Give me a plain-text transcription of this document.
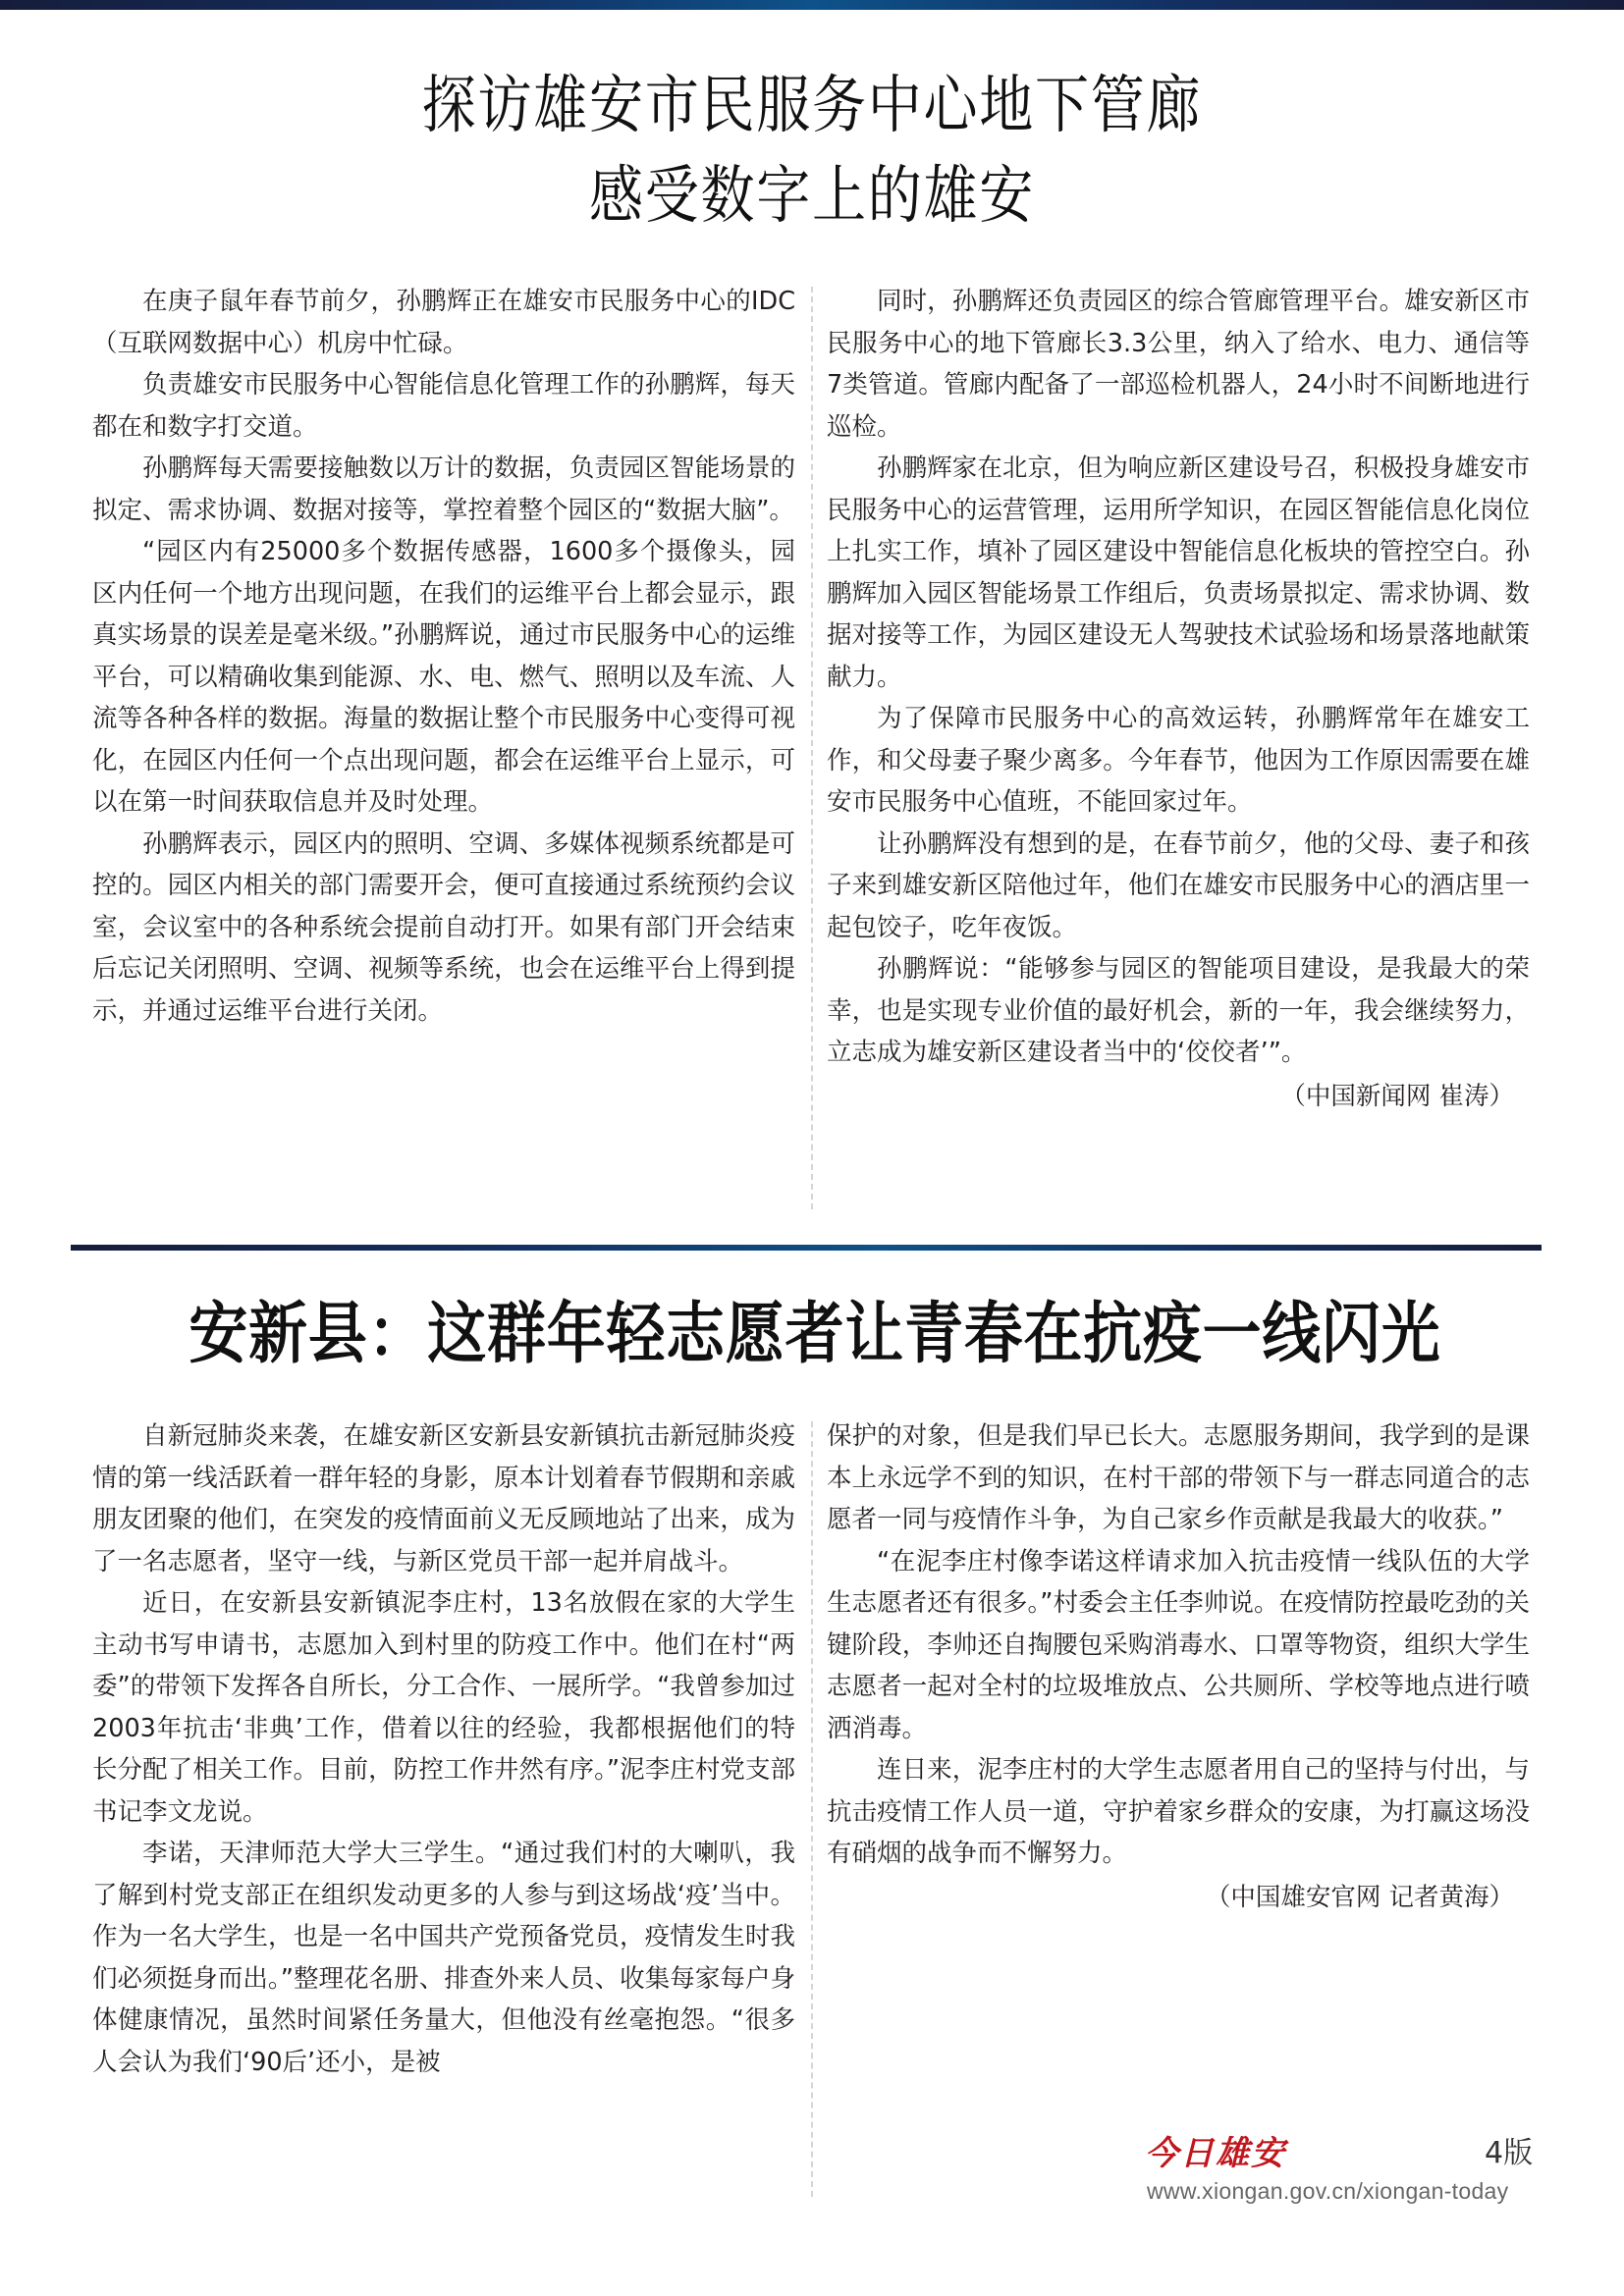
探访雄安市民服务中心地下管廊
感受数字上的雄安

在庚子鼠年春节前夕，孙鹏辉正在雄安市民服务中心的IDC（互联网数据中心）机房中忙碌。

负责雄安市民服务中心智能信息化管理工作的孙鹏辉，每天都在和数字打交道。

孙鹏辉每天需要接触数以万计的数据，负责园区智能场景的拟定、需求协调、数据对接等，掌控着整个园区的“数据大脑”。

“园区内有25000多个数据传感器，1600多个摄像头，园区内任何一个地方出现问题，在我们的运维平台上都会显示，跟真实场景的误差是毫米级。”孙鹏辉说，通过市民服务中心的运维平台，可以精确收集到能源、水、电、燃气、照明以及车流、人流等各种各样的数据。海量的数据让整个市民服务中心变得可视化，在园区内任何一个点出现问题，都会在运维平台上显示，可以在第一时间获取信息并及时处理。

孙鹏辉表示，园区内的照明、空调、多媒体视频系统都是可控的。园区内相关的部门需要开会，便可直接通过系统预约会议室，会议室中的各种系统会提前自动打开。如果有部门开会结束后忘记关闭照明、空调、视频等系统，也会在运维平台上得到提示，并通过运维平台进行关闭。

同时，孙鹏辉还负责园区的综合管廊管理平台。雄安新区市民服务中心的地下管廊长3.3公里，纳入了给水、电力、通信等7类管道。管廊内配备了一部巡检机器人，24小时不间断地进行巡检。

孙鹏辉家在北京，但为响应新区建设号召，积极投身雄安市民服务中心的运营管理，运用所学知识，在园区智能信息化岗位上扎实工作，填补了园区建设中智能信息化板块的管控空白。孙鹏辉加入园区智能场景工作组后，负责场景拟定、需求协调、数据对接等工作，为园区建设无人驾驶技术试验场和场景落地献策献力。

为了保障市民服务中心的高效运转，孙鹏辉常年在雄安工作，和父母妻子聚少离多。今年春节，他因为工作原因需要在雄安市民服务中心值班，不能回家过年。

让孙鹏辉没有想到的是，在春节前夕，他的父母、妻子和孩子来到雄安新区陪他过年，他们在雄安市民服务中心的酒店里一起包饺子，吃年夜饭。

孙鹏辉说：“能够参与园区的智能项目建设，是我最大的荣幸，也是实现专业价值的最好机会，新的一年，我会继续努力，立志成为雄安新区建设者当中的‘佼佼者’”。

（中国新闻网 崔涛）

安新县：这群年轻志愿者让青春在抗疫一线闪光

自新冠肺炎来袭，在雄安新区安新县安新镇抗击新冠肺炎疫情的第一线活跃着一群年轻的身影，原本计划着春节假期和亲戚朋友团聚的他们，在突发的疫情面前义无反顾地站了出来，成为了一名志愿者，坚守一线，与新区党员干部一起并肩战斗。

近日，在安新县安新镇泥李庄村，13名放假在家的大学生主动书写申请书，志愿加入到村里的防疫工作中。他们在村“两委”的带领下发挥各自所长，分工合作、一展所学。“我曾参加过2003年抗击‘非典’工作，借着以往的经验，我都根据他们的特长分配了相关工作。目前，防控工作井然有序。”泥李庄村党支部书记李文龙说。

李诺，天津师范大学大三学生。“通过我们村的大喇叭，我了解到村党支部正在组织发动更多的人参与到这场战‘疫’当中。作为一名大学生，也是一名中国共产党预备党员，疫情发生时我们必须挺身而出。”整理花名册、排查外来人员、收集每家每户身体健康情况，虽然时间紧任务量大，但他没有丝毫抱怨。“很多人会认为我们‘90后’还小，是被

保护的对象，但是我们早已长大。志愿服务期间，我学到的是课本上永远学不到的知识，在村干部的带领下与一群志同道合的志愿者一同与疫情作斗争，为自己家乡作贡献是我最大的收获。”

“在泥李庄村像李诺这样请求加入抗击疫情一线队伍的大学生志愿者还有很多。”村委会主任李帅说。在疫情防控最吃劲的关键阶段，李帅还自掏腰包采购消毒水、口罩等物资，组织大学生志愿者一起对全村的垃圾堆放点、公共厕所、学校等地点进行喷洒消毒。

连日来，泥李庄村的大学生志愿者用自己的坚持与付出，与抗击疫情工作人员一道，守护着家乡群众的安康，为打赢这场没有硝烟的战争而不懈努力。

（中国雄安官网 记者黄海）

今日雄安	4版
www.xiongan.gov.cn/xiongan-today
